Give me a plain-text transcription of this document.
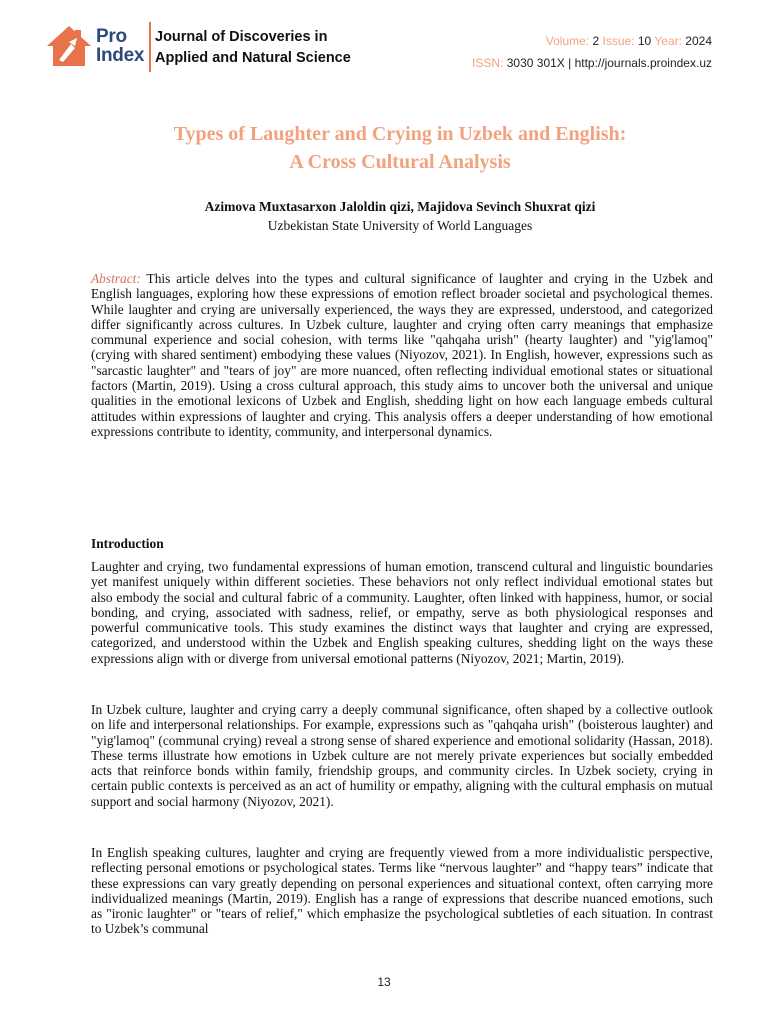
Pro
Index
Journal of Discoveries in
Applied and Natural Science
Volume: 2 Issue: 10 Year: 2024
ISSN: 3030 301X | http://journals.proindex.uz
Types of Laughter and Crying in Uzbek and English:
A Cross Cultural Analysis
Azimova Muxtasarxon Jaloldin qizi, Majidova Sevinch Shuxrat qizi
Uzbekistan State University of World Languages
Abstract: This article delves into the types and cultural significance of laughter and crying in the Uzbek and English languages, exploring how these expressions of emotion reflect broader societal and psychological themes. While laughter and crying are universally experienced, the ways they are expressed, understood, and categorized differ significantly across cultures. In Uzbek culture, laughter and crying often carry meanings that emphasize communal experience and social cohesion, with terms like "qahqaha urish" (hearty laughter) and "yig'lamoq" (crying with shared sentiment) embodying these values (Niyozov, 2021). In English, however, expressions such as "sarcastic laughter" and "tears of joy" are more nuanced, often reflecting individual emotional states or situational factors (Martin, 2019). Using a cross cultural approach, this study aims to uncover both the universal and unique qualities in the emotional lexicons of Uzbek and English, shedding light on how each language embeds cultural attitudes within expressions of laughter and crying. This analysis offers a deeper understanding of how emotional expressions contribute to identity, community, and interpersonal dynamics.
Introduction

Laughter and crying, two fundamental expressions of human emotion, transcend cultural and linguistic boundaries yet manifest uniquely within different societies. These behaviors not only reflect individual emotional states but also embody the social and cultural fabric of a community. Laughter, often linked with happiness, humor, or social bonding, and crying, associated with sadness, relief, or empathy, serve as both physiological responses and powerful communicative tools. This study examines the distinct ways that laughter and crying are expressed, categorized, and understood within the Uzbek and English speaking cultures, shedding light on the ways these expressions align with or diverge from universal emotional patterns (Niyozov, 2021; Martin, 2019).

In Uzbek culture, laughter and crying carry a deeply communal significance, often shaped by a collective outlook on life and interpersonal relationships. For example, expressions such as "qahqaha urish" (boisterous laughter) and "yig'lamoq" (communal crying) reveal a strong sense of shared experience and emotional solidarity (Hassan, 2018). These terms illustrate how emotions in Uzbek culture are not merely private experiences but socially embedded acts that reinforce bonds within family, friendship groups, and community circles. In Uzbek society, crying in certain public contexts is perceived as an act of humility or empathy, aligning with the cultural emphasis on mutual support and social harmony (Niyozov, 2021).

In English speaking cultures, laughter and crying are frequently viewed from a more individualistic perspective, reflecting personal emotions or psychological states. Terms like “nervous laughter” and “happy tears” indicate that these expressions can vary greatly depending on personal experiences and situational context, often carrying more individualized meanings (Martin, 2019). English has a range of expressions that describe nuanced emotions, such as "ironic laughter" or "tears of relief," which emphasize the psychological subtleties of each situation. In contrast to Uzbek’s communal

13
